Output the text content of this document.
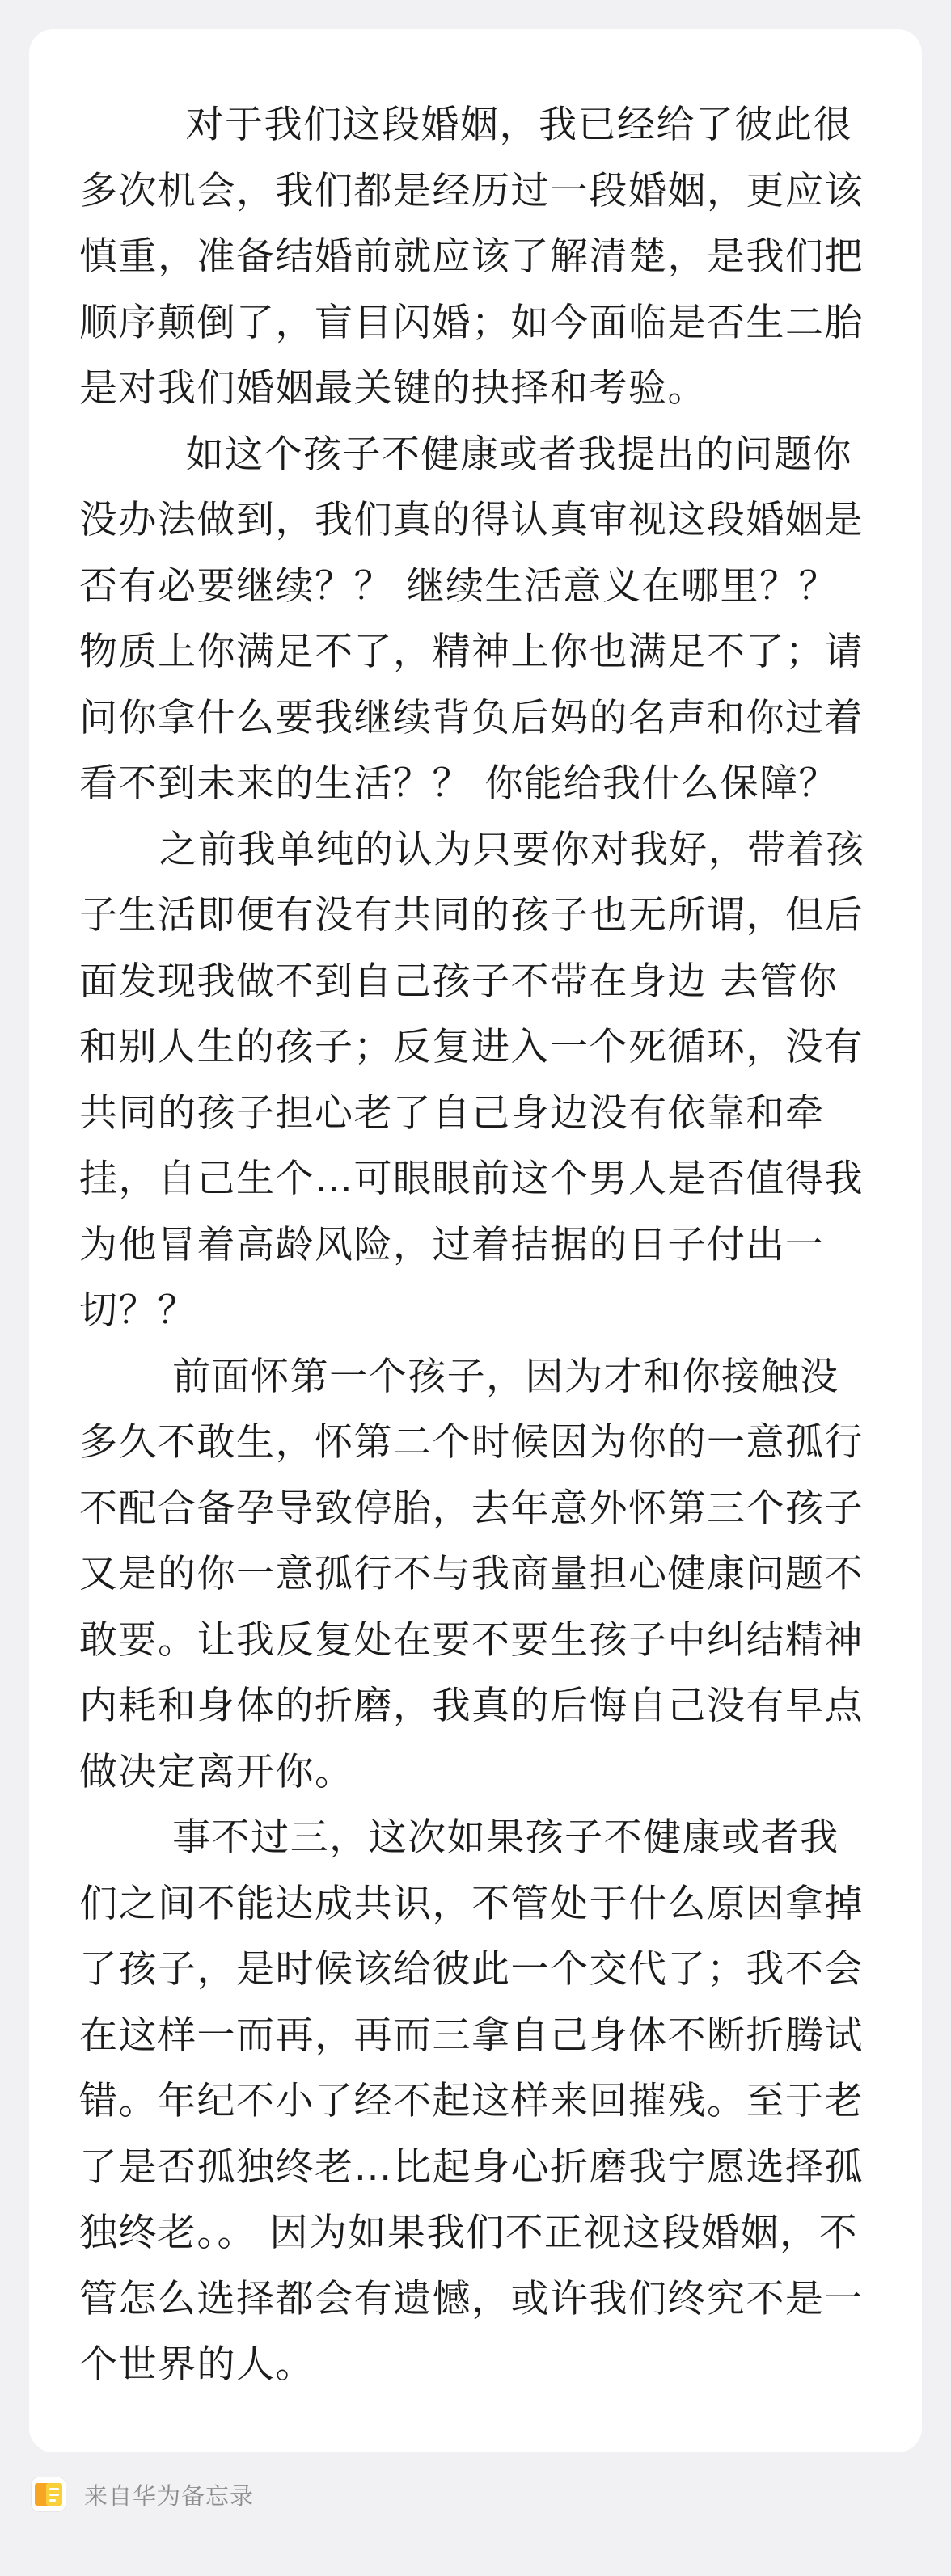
对于我们这段婚姻，我已经给了彼此很多次机会，我们都是经历过一段婚姻，更应该慎重，准备结婚前就应该了解清楚，是我们把顺序颠倒了，盲目闪婚；如今面临是否生二胎是对我们婚姻最关键的抉择和考验。

如这个孩子不健康或者我提出的问题你没办法做到，我们真的得认真审视这段婚姻是否有必要继续？？ 继续生活意义在哪里？？  物质上你满足不了，精神上你也满足不了；请问你拿什么要我继续背负后妈的名声和你过着看不到未来的生活？？ 你能给我什么保障？

之前我单纯的认为只要你对我好，带着孩子生活即便有没有共同的孩子也无所谓，但后面发现我做不到自己孩子不带在身边 去管你和别人生的孩子；反复进入一个死循环，没有共同的孩子担心老了自己身边没有依靠和牵挂，自己生个…可眼眼前这个男人是否值得我为他冒着高龄风险，过着拮据的日子付出一切？？

前面怀第一个孩子，因为才和你接触没多久不敢生，怀第二个时候因为你的一意孤行不配合备孕导致停胎，去年意外怀第三个孩子又是的你一意孤行不与我商量担心健康问题不敢要。让我反复处在要不要生孩子中纠结精神内耗和身体的折磨，我真的后悔自己没有早点做决定离开你。

事不过三，这次如果孩子不健康或者我们之间不能达成共识，不管处于什么原因拿掉了孩子，是时候该给彼此一个交代了；我不会在这样一而再，再而三拿自己身体不断折腾试错。年纪不小了经不起这样来回摧残。至于老了是否孤独终老…比起身心折磨我宁愿选择孤独终老。。 因为如果我们不正视这段婚姻，不管怎么选择都会有遗憾，或许我们终究不是一个世界的人。

来自华为备忘录
